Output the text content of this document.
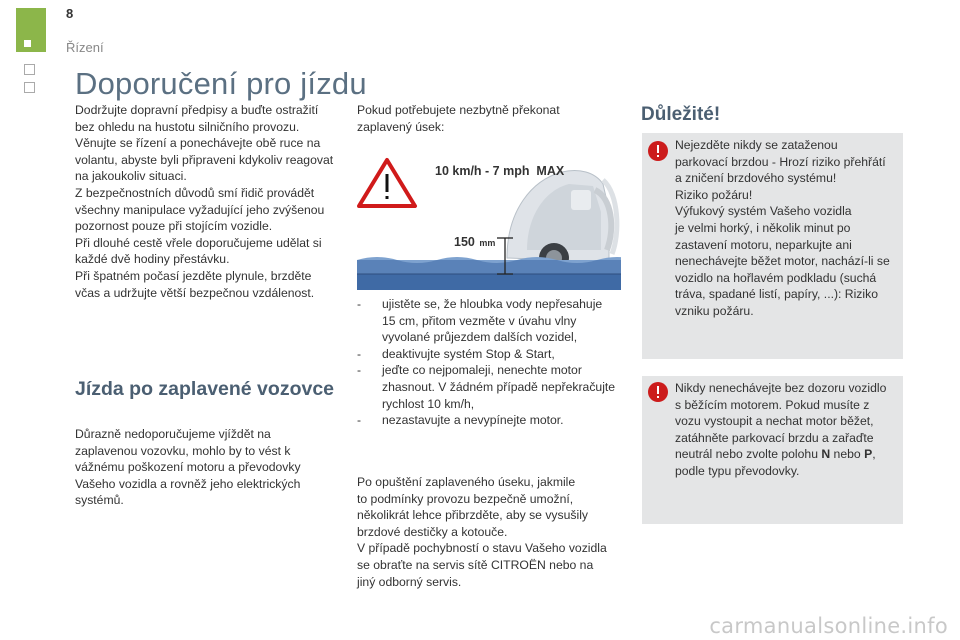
8
Řízení
Doporučení pro jízdu

Dodržujte dopravní předpisy a buďte ostražití

bez ohledu na hustotu silničního provozu.

Věnujte se řízení a ponechávejte obě ruce na

volantu, abyste byli připraveni kdykoliv reagovat

na jakoukoliv situaci.

Z bezpečnostních důvodů smí řidič provádět

všechny manipulace vyžadující jeho zvýšenou

pozornost pouze při stojícím vozidle.

Při dlouhé cestě vřele doporučujeme udělat si

každé dvě hodiny přestávku.

Při špatném počasí jezděte plynule, brzděte

včas a udržujte větší bezpečnou vzdálenost.

Jízda po zaplavené vozovce

Důrazně nedoporučujeme vjíždět na

zaplavenou vozovku, mohlo by to vést k

vážnému poškození motoru a převodovky

Vašeho vozidla a rovněž jeho elektrických

systémů.

Pokud potřebujete nezbytně překonat

zaplavený úsek:

10 km/h - 7 mph  MAX
150 mm
-	ujistěte se, že hloubka vody nepřesahuje
15 cm, přitom vezměte v úvahu vlny
vyvolané průjezdem dalších vozidel,
-	deaktivujte systém Stop & Start,
-	jeďte co nejpomaleji, nenechte motor
zhasnout. V žádném případě nepřekračujte
rychlost 10 km/h,
-	nezastavujte a nevypínejte motor.

Po opuštění zaplaveného úseku, jakmile

to podmínky provozu bezpečně umožní,

několikrát lehce přibrzděte, aby se vysušily

brzdové destičky a kotouče.

V případě pochybností o stavu Vašeho vozidla

se obraťte na servis sítě CITROËN nebo na

jiný odborný servis.

Důležité!
Nejezděte nikdy se zataženou
parkovací brzdou - Hrozí riziko přehřátí
a zničení brzdového systému!
Riziko požáru!
Výfukový systém Vašeho vozidla
je velmi horký, i několik minut po
zastavení motoru, neparkujte ani
nenechávejte běžet motor, nachází-li se
vozidlo na hořlavém podkladu (suchá
tráva, spadané listí, papíry, ...): Riziko
vzniku požáru.
Nikdy nenechávejte bez dozoru vozidlo
s běžícím motorem. Pokud musíte z
vozu vystoupit a nechat motor běžet,
zatáhněte parkovací brzdu a zařaďte
neutrál nebo zvolte polohu N nebo P,
podle typu převodovky.
carmanualsonline.info
